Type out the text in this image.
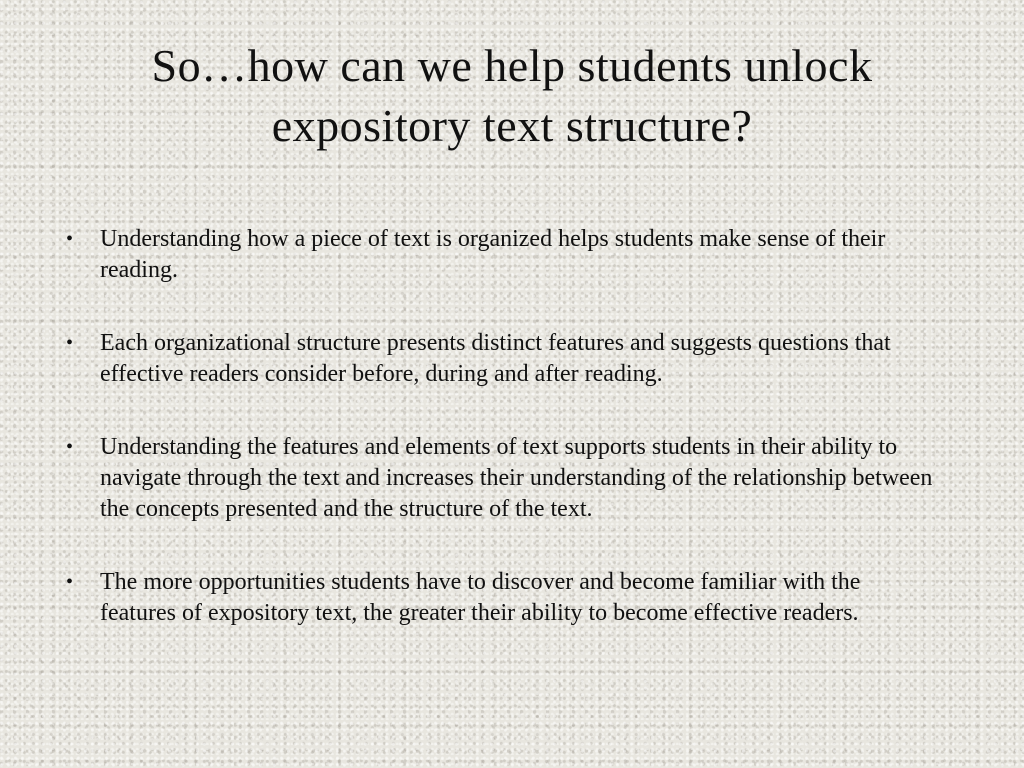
So…how can we help students unlock expository text structure?
• Understanding how a piece of text is organized helps students make sense of their reading.
• Each organizational structure presents distinct features and suggests questions that effective readers consider before, during and after reading.
• Understanding the features and elements of text supports students in their ability to navigate through the text and increases their understanding of the relationship between the concepts presented and the structure of the text.
• The more opportunities students have to discover and become familiar with the features of expository text, the greater their ability to become effective readers.
